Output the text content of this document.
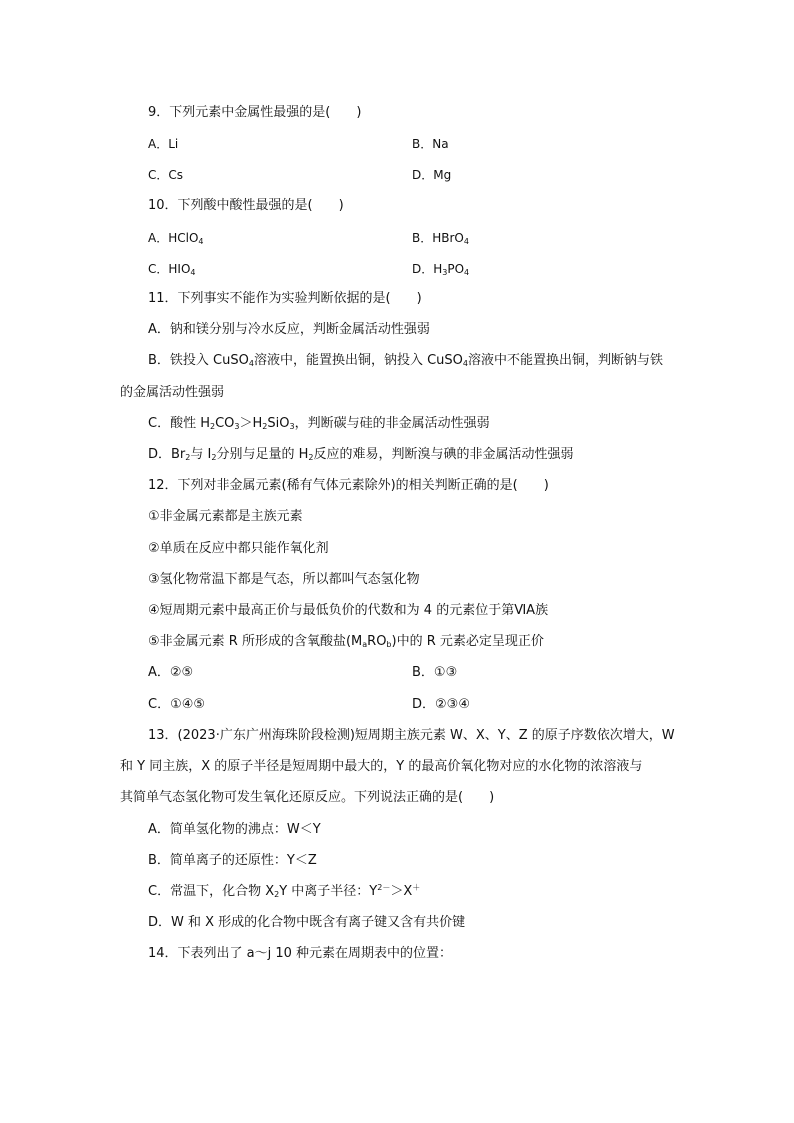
9．下列元素中金属性最强的是(　　)
A．Li	B．Na
C．Cs	D．Mg
10．下列酸中酸性最强的是(　　)
A．HClO$_4$	B．HBrO$_4$
C．$HIO_4$	D．$H_3PO_4$
11．下列事实不能作为实验判断依据的是(　　)
A．钠和镁分别与冷水反应，判断金属活动性强弱
B．铁投入 CuSO$_4$溶液中，能置换出铜，钠投入 CuSO$_4$溶液中不能置换出铜，判断钠与铁
的金属活动性强弱
C．酸性 $H_2CO_3>H_2SiO_3$，判断碳与硅的非金属活动性强弱
D．$Br_2$与 $I_2$分别与足量的 $H_2$反应的难易，判断溴与碘的非金属活动性强弱
12．下列对非金属元素(稀有气体元素除外)的相关判断正确的是(　　)
①非金属元素都是主族元素
②单质在反应中都只能作氧化剂
③氢化物常温下都是气态，所以都叫气态氢化物
④短周期元素中最高正价与最低负价的代数和为 4 的元素位于第ⅥA族
⑤非金属元素 R 所形成的含氧酸盐$(M_aRO_b)$中的 R 元素必定呈现正价
A．②⑤	B．①③
C．①④⑤	D．②③④
13．(2023·广东广州海珠阶段检测)短周期主族元素 W、X、Y、Z 的原子序数依次增大，W
和 Y 同主族，X 的原子半径是短周期中最大的，Y 的最高价氧化物对应的水化物的浓溶液与
其简单气态氢化物可发生氧化还原反应。下列说法正确的是(　　)
A．简单氢化物的沸点：W＜Y
B．简单离子的还原性：Y＜Z
C．常温下，化合物 $X_2Y$ 中离子半径：$Y^{2-}>X^+$
D．W 和 X 形成的化合物中既含有离子键又含有共价键
14．下表列出了 a～j 10 种元素在周期表中的位置：
